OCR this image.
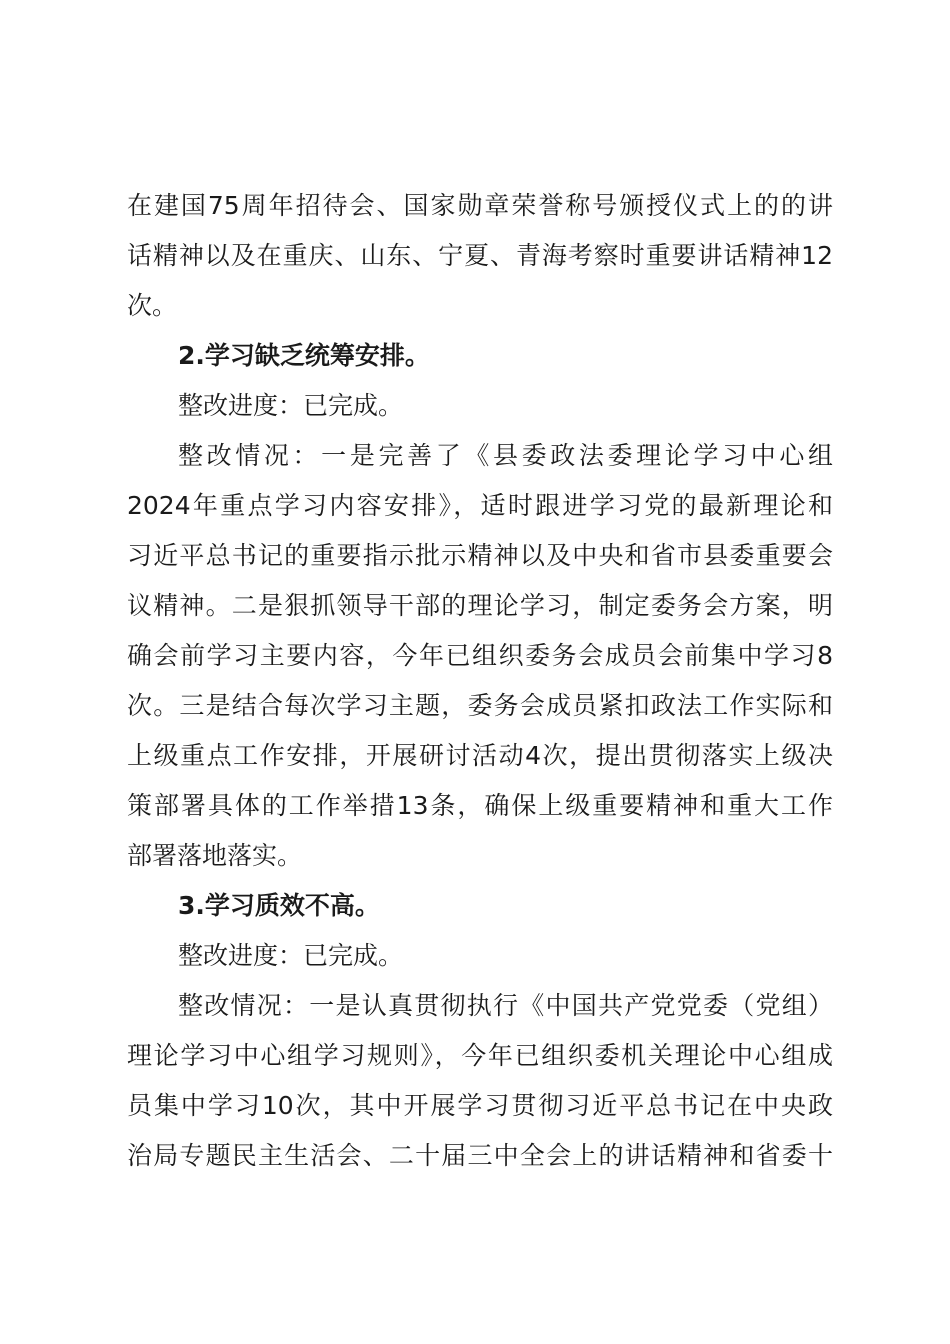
在建国75周年招待会、国家勋章荣誉称号颁授仪式上的的讲
话精神以及在重庆、山东、宁夏、青海考察时重要讲话精神12
次。
2.学习缺乏统筹安排。
整改进度：已完成。
整改情况：一是完善了《县委政法委理论学习中心组
2024年重点学习内容安排》，适时跟进学习党的最新理论和
习近平总书记的重要指示批示精神以及中央和省市县委重要会
议精神。二是狠抓领导干部的理论学习，制定委务会方案，明
确会前学习主要内容，今年已组织委务会成员会前集中学习8
次。三是结合每次学习主题，委务会成员紧扣政法工作实际和
上级重点工作安排，开展研讨活动4次，提出贯彻落实上级决
策部署具体的工作举措13条，确保上级重要精神和重大工作
部署落地落实。
3.学习质效不高。
整改进度：已完成。
整改情况：一是认真贯彻执行《中国共产党党委（党组）
理论学习中心组学习规则》，今年已组织委机关理论中心组成
员集中学习10次，其中开展学习贯彻习近平总书记在中央政
治局专题民主生活会、二十届三中全会上的讲话精神和省委十
